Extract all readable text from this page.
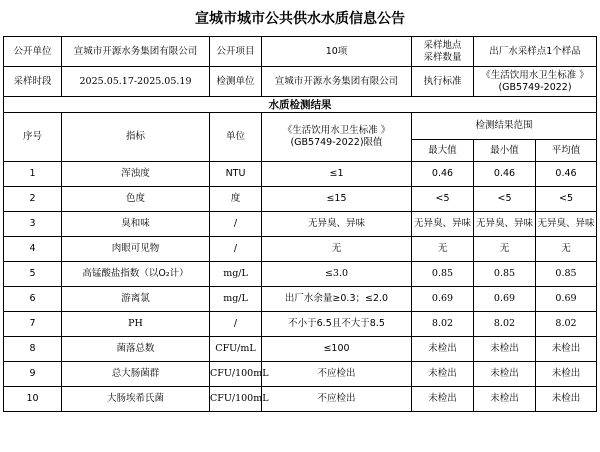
宣城市城市公共供水水质信息公告
公开单位	宣城市开源水务集团有限公司	公开项目	10项	采样地点
采样数量	出厂水采样点1个样品	
采样时段	2025.05.17-2025.05.19	检测单位	宣城市开源水务集团有限公司	执行标准	《生活饮用水卫生标准 》
(GB5749-2022)	
水质检测结果						
序号	指标	单位	《生活饮用水卫生标准 》
(GB5749-2022)限值	检测结果范围		
				最大值	最小值	平均值
1	浑浊度	NTU	≤1	0.46	0.46	0.46
2	色度	度	≤15	<5	<5	<5
3	臭和味	/	无异臭、异味	无异臭、异味	无异臭、异味	无异臭、异味
4	肉眼可见物	/	无	无	无	无
5	高锰酸盐指数（以O₂计）	mg/L	≤3.0	0.85	0.85	0.85
6	游离氯	mg/L	出厂水余量≥0.3；≤2.0	0.69	0.69	0.69
7	PH	/	不小于6.5且不大于8.5	8.02	8.02	8.02
8	菌落总数	CFU/mL	≤100	未检出	未检出	未检出
9	总大肠菌群	CFU/100mL	不应检出	未检出	未检出	未检出
10	大肠埃希氏菌	CFU/100mL	不应检出	未检出	未检出	未检出
